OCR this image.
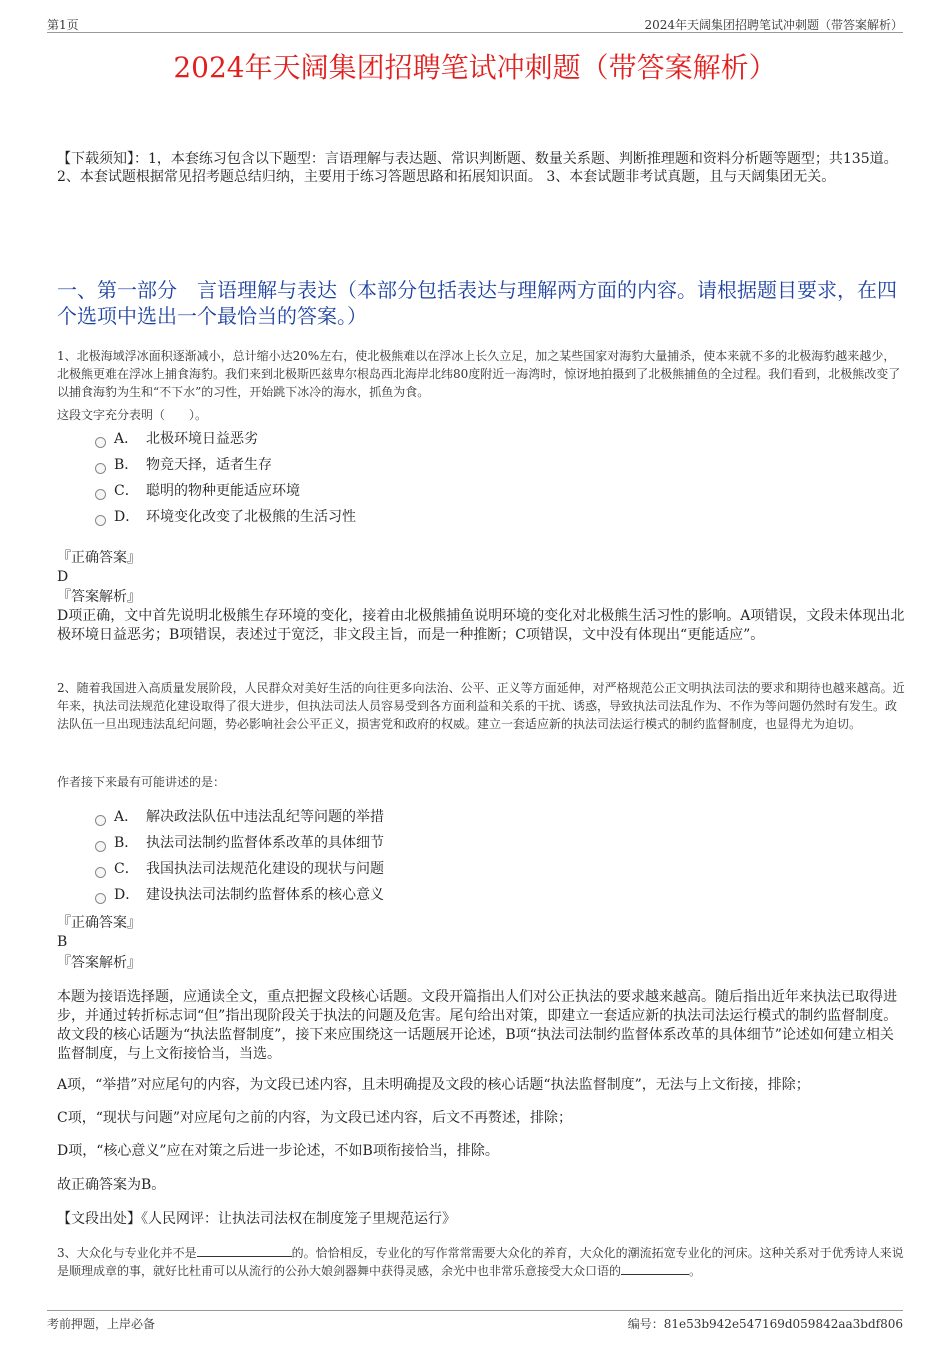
第1页	2024年天阔集团招聘笔试冲刺题（带答案解析）
2024年天阔集团招聘笔试冲刺题（带答案解析）
【下载须知】：1，本套练习包含以下题型：言语理解与表达题、常识判断题、数量关系题、判断推理题和资料分析题等题型；共135道。 2、本套试题根据常见招考题总结归纳，主要用于练习答题思路和拓展知识面。 3、本套试题非考试真题，且与天阔集团无关。
一、第一部分　言语理解与表达（本部分包括表达与理解两方面的内容。请根据题目要求，在四个选项中选出一个最恰当的答案。）
1、北极海域浮冰面积逐渐减小，总计缩小达20%左右，使北极熊难以在浮冰上长久立足，加之某些国家对海豹大量捕杀，使本来就不多的北极海豹越来越少，北极熊更难在浮冰上捕食海豹。我们来到北极斯匹兹卑尔根岛西北海岸北纬80度附近一海湾时，惊讶地拍摄到了北极熊捕鱼的全过程。我们看到，北极熊改变了以捕食海豹为生和“不下水”的习性，开始跳下冰冷的海水，抓鱼为食。
这段文字充分表明（　　）。
A． 北极环境日益恶劣
B． 物竞天择，适者生存
C． 聪明的物种更能适应环境
D． 环境变化改变了北极熊的生活习性
『正确答案』
D
『答案解析』
D项正确，文中首先说明北极熊生存环境的变化，接着由北极熊捕鱼说明环境的变化对北极熊生活习性的影响。A项错误，文段未体现出北极环境日益恶劣；B项错误，表述过于宽泛，非文段主旨，而是一种推断；C项错误，文中没有体现出“更能适应”。
2、随着我国进入高质量发展阶段，人民群众对美好生活的向往更多向法治、公平、正义等方面延伸，对严格规范公正文明执法司法的要求和期待也越来越高。近年来，执法司法规范化建设取得了很大进步，但执法司法人员容易受到各方面利益和关系的干扰、诱惑，导致执法司法乱作为、不作为等问题仍然时有发生。政法队伍一旦出现违法乱纪问题，势必影响社会公平正义，损害党和政府的权威。建立一套适应新的执法司法运行模式的制约监督制度，也显得尤为迫切。
作者接下来最有可能讲述的是：
A． 解决政法队伍中违法乱纪等问题的举措
B． 执法司法制约监督体系改革的具体细节
C． 我国执法司法规范化建设的现状与问题
D． 建设执法司法制约监督体系的核心意义
『正确答案』
B
『答案解析』
本题为接语选择题，应通读全文，重点把握文段核心话题。文段开篇指出人们对公正执法的要求越来越高。随后指出近年来执法已取得进步，并通过转折标志词“但”指出现阶段关于执法的问题及危害。尾句给出对策，即建立一套适应新的执法司法运行模式的制约监督制度。故文段的核心话题为“执法监督制度”，接下来应围绕这一话题展开论述，B项“执法司法制约监督体系改革的具体细节”论述如何建立相关监督制度，与上文衔接恰当，当选。
A项，“举措”对应尾句的内容，为文段已述内容，且未明确提及文段的核心话题“执法监督制度”，无法与上文衔接，排除；
C项，“现状与问题”对应尾句之前的内容，为文段已述内容，后文不再赘述，排除；
D项，“核心意义”应在对策之后进一步论述，不如B项衔接恰当，排除。
故正确答案为B。
【文段出处】《人民网评：让执法司法权在制度笼子里规范运行》
3、大众化与专业化并不是	的。恰恰相反，专业化的写作常常需要大众化的养育，大众化的潮流拓宽专业化的河床。这种关系对于优秀诗人来说是顺理成章的事，就好比杜甫可以从流行的公孙大娘剑器舞中获得灵感，余光中也非常乐意接受大众口语的	。
考前押题，上岸必备	编号：81e53b942e547169d059842aa3bdf806
